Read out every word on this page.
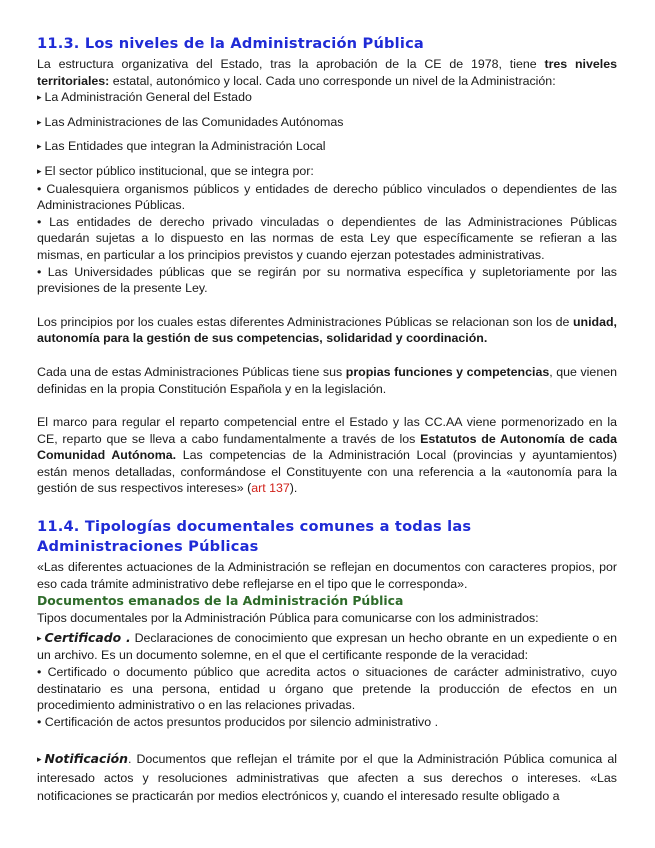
11.3. Los niveles de la Administración Pública

La estructura organizativa del Estado, tras la aprobación de la CE de 1978, tiene tres niveles territoriales: estatal, autonómico y local. Cada uno corresponde un nivel de la Administración:

▸ La Administración General del Estado
▸ Las Administraciones de las Comunidades Autónomas
▸ Las Entidades que integran la Administración Local
▸ El sector público institucional, que se integra por:

• Cualesquiera organismos públicos y entidades de derecho público vinculados o dependientes de las Administraciones Públicas.

• Las entidades de derecho privado vinculadas o dependientes de las Administraciones Públicas quedarán sujetas a lo dispuesto en las normas de esta Ley que específicamente se refieran a las mismas, en particular a los principios previstos y cuando ejerzan potestades administrativas.

• Las Universidades públicas que se regirán por su normativa específica y supletoriamente por las previsiones de la presente Ley.

Los principios por los cuales estas diferentes Administraciones Públicas se relacionan son los de unidad, autonomía para la gestión de sus competencias, solidaridad y coordinación.

Cada una de estas Administraciones Públicas tiene sus propias funciones y competencias, que vienen definidas en la propia Constitución Española y en la legislación.

El marco para regular el reparto competencial entre el Estado y las CC.AA viene pormenorizado en la CE, reparto que se lleva a cabo fundamentalmente a través de los Estatutos de Autonomía de cada Comunidad Autónoma. Las competencias de la Administración Local (provincias y ayuntamientos) están menos detalladas, conformándose el Constituyente con una referencia a la «autonomía para la gestión de sus respectivos intereses» (art 137).

11.4. Tipologías documentales comunes a todas las Administraciones Públicas

«Las diferentes actuaciones de la Administración se reflejan en documentos con caracteres propios, por eso cada trámite administrativo debe reflejarse en el tipo que le corresponda».

Documentos emanados de la Administración Pública

Tipos documentales por la Administración Pública para comunicarse con los administrados:

▸ Certificado . Declaraciones de conocimiento que expresan un hecho obrante en un expediente o en un archivo. Es un documento solemne, en el que el certificante responde de la veracidad:

• Certificado o documento público que acredita actos o situaciones de carácter administrativo, cuyo destinatario es una persona, entidad u órgano que pretende la producción de efectos en un procedimiento administrativo o en las relaciones privadas.

• Certificación de actos presuntos producidos por silencio administrativo .

▸ Notificación. Documentos que reflejan el trámite por el que la Administración Pública comunica al interesado actos y resoluciones administrativas que afecten a sus derechos o intereses. «Las notificaciones se practicarán por medios electrónicos y, cuando el interesado resulte obligado a
